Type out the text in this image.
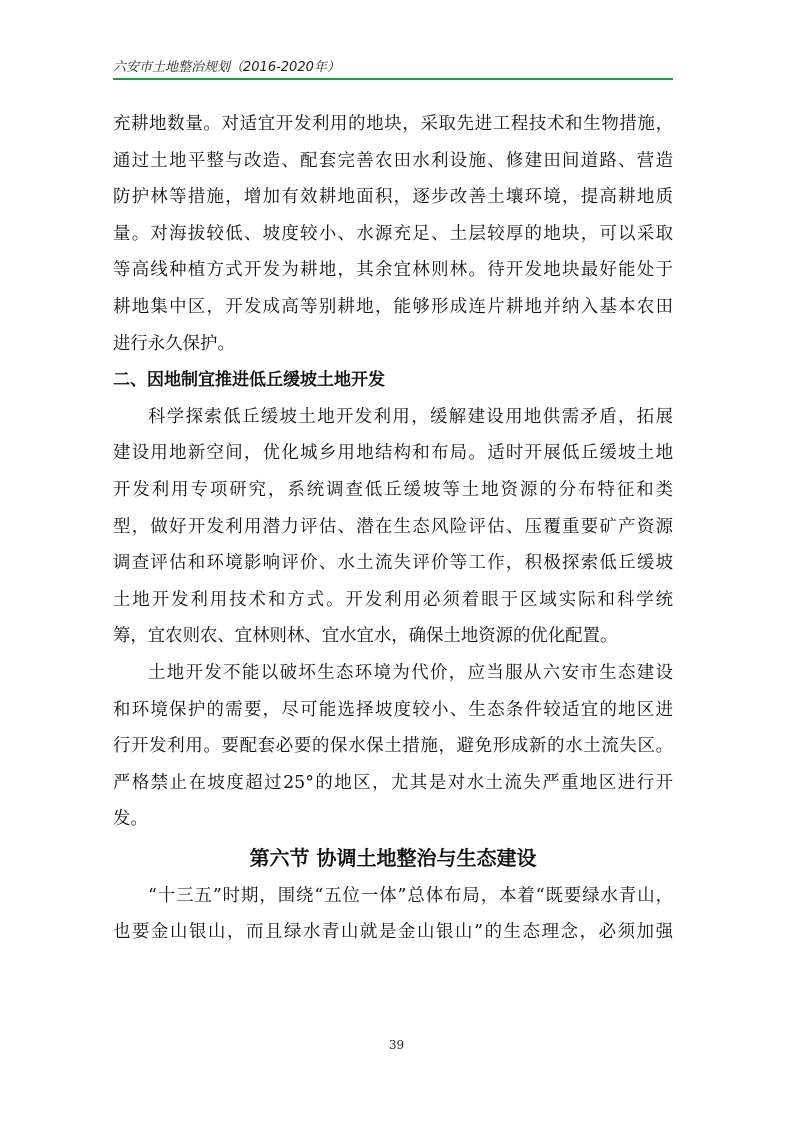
六安市土地整治规划（2016-2020年）
充耕地数量。对适宜开发利用的地块，采取先进工程技术和生物措施，
通过土地平整与改造、配套完善农田水利设施、修建田间道路、营造
防护林等措施，增加有效耕地面积，逐步改善土壤环境，提高耕地质
量。对海拔较低、坡度较小、水源充足、土层较厚的地块，可以采取
等高线种植方式开发为耕地，其余宜林则林。待开发地块最好能处于
耕地集中区，开发成高等别耕地，能够形成连片耕地并纳入基本农田
进行永久保护。
二、因地制宜推进低丘缓坡土地开发
科学探索低丘缓坡土地开发利用，缓解建设用地供需矛盾，拓展
建设用地新空间，优化城乡用地结构和布局。适时开展低丘缓坡土地
开发利用专项研究，系统调查低丘缓坡等土地资源的分布特征和类
型，做好开发利用潜力评估、潜在生态风险评估、压覆重要矿产资源
调查评估和环境影响评价、水土流失评价等工作，积极探索低丘缓坡
土地开发利用技术和方式。开发利用必须着眼于区域实际和科学统
筹，宜农则农、宜林则林、宜水宜水，确保土地资源的优化配置。
土地开发不能以破坏生态环境为代价，应当服从六安市生态建设
和环境保护的需要，尽可能选择坡度较小、生态条件较适宜的地区进
行开发利用。要配套必要的保水保土措施，避免形成新的水土流失区。
严格禁止在坡度超过25°的地区，尤其是对水土流失严重地区进行开
发。
第六节 协调土地整治与生态建设
“十三五”时期，围绕“五位一体”总体布局，本着“既要绿水青山，
也要金山银山，而且绿水青山就是金山银山”的生态理念，必须加强
39
